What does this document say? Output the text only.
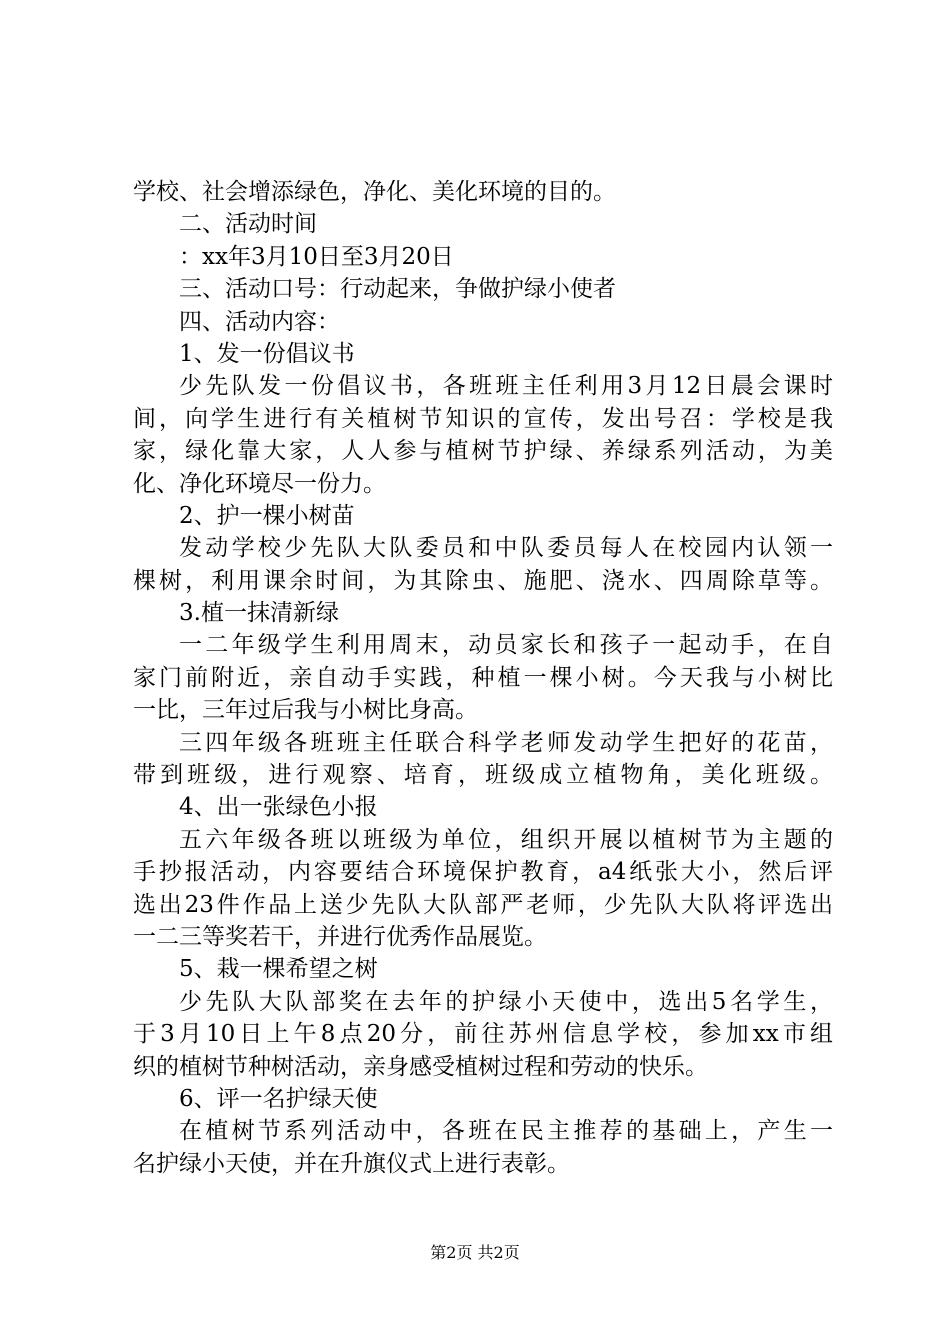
学校、社会增添绿色，净化、美化环境的目的。
二、活动时间
：xx年3月10日至3月20日
三、活动口号：行动起来，争做护绿小使者
四、活动内容：
1、发一份倡议书
少先队发一份倡议书，各班班主任利用3月12日晨会课时
间，向学生进行有关植树节知识的宣传，发出号召：学校是我
家，绿化靠大家，人人参与植树节护绿、养绿系列活动，为美
化、净化环境尽一份力。
2、护一棵小树苗
发动学校少先队大队委员和中队委员每人在校园内认领一
棵树，利用课余时间，为其除虫、施肥、浇水、四周除草等。
3.植一抹清新绿
一二年级学生利用周末，动员家长和孩子一起动手，在自
家门前附近，亲自动手实践，种植一棵小树。今天我与小树比
一比，三年过后我与小树比身高。
三四年级各班班主任联合科学老师发动学生把好的花苗，
带到班级，进行观察、培育，班级成立植物角，美化班级。
4、出一张绿色小报
五六年级各班以班级为单位，组织开展以植树节为主题的
手抄报活动，内容要结合环境保护教育，a4纸张大小，然后评
选出23件作品上送少先队大队部严老师，少先队大队将评选出
一二三等奖若干，并进行优秀作品展览。
5、栽一棵希望之树
少先队大队部奖在去年的护绿小天使中，选出5名学生，
于3月10日上午8点20分，前往苏州信息学校，参加xx市组
织的植树节种树活动，亲身感受植树过程和劳动的快乐。
6、评一名护绿天使
在植树节系列活动中，各班在民主推荐的基础上，产生一
名护绿小天使，并在升旗仪式上进行表彰。
第2页 共2页
